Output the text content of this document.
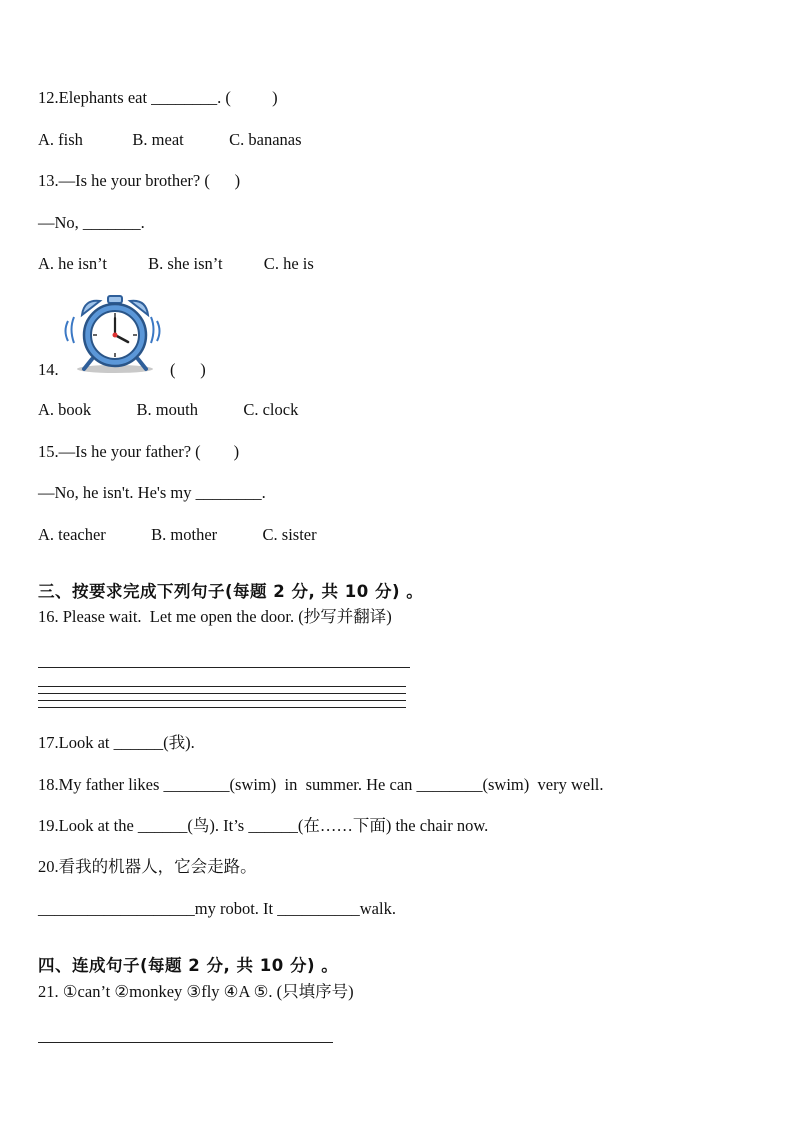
12.Elephants eat ________. (          )

A. fish            B. meat           C. bananas

13.—Is he your brother? (      )

—No, _______.

A. he isn’t          B. she isn’t          C. he is

14.	(      )

A. book           B. mouth           C. clock

15.—Is he your father? (        )

—No, he isn't. He's my ________.

A. teacher           B. mother           C. sister

三、按要求完成下列句子(每题 2 分, 共 10 分) 。

16. Please wait.  Let me open the door. (抄写并翻译)

17.Look at ______(我).

18.My father likes ________(swim)  in  summer. He can ________(swim)  very well.

19.Look at the ______(鸟). It’s ______(在……下面) the chair now.

20.看我的机器人，它会走路。

___________________my robot. It __________walk.

四、连成句子(每题 2 分, 共 10 分) 。

21. ①can’t ②monkey ③fly ④A ⑤. (只填序号)
